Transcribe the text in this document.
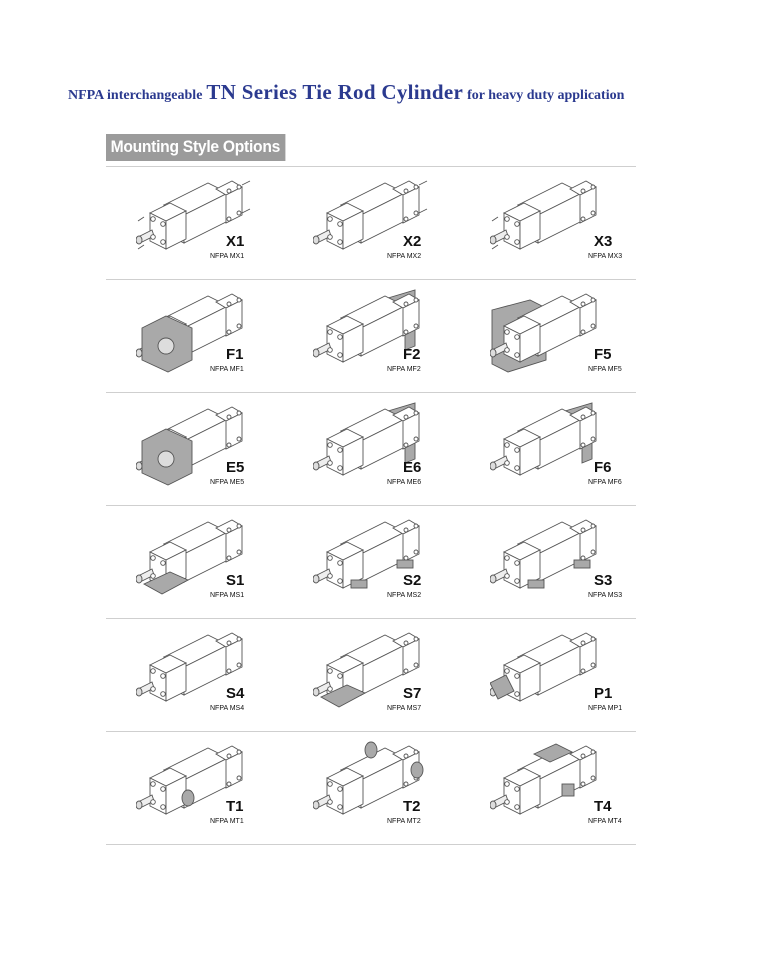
NFPA interchangeable TN Series Tie Rod Cylinder for heavy duty application
Mounting Style Options
X1
NFPA MX1
X2
NFPA MX2
X3
NFPA MX3
F1
NFPA MF1
F2
NFPA MF2
F5
NFPA MF5
E5
NFPA ME5
E6
NFPA ME6
F6
NFPA MF6
S1
NFPA MS1
S2
NFPA MS2
S3
NFPA MS3
S4
NFPA MS4
S7
NFPA MS7
P1
NFPA MP1
T1
NFPA MT1
T2
NFPA MT2
T4
NFPA MT4
